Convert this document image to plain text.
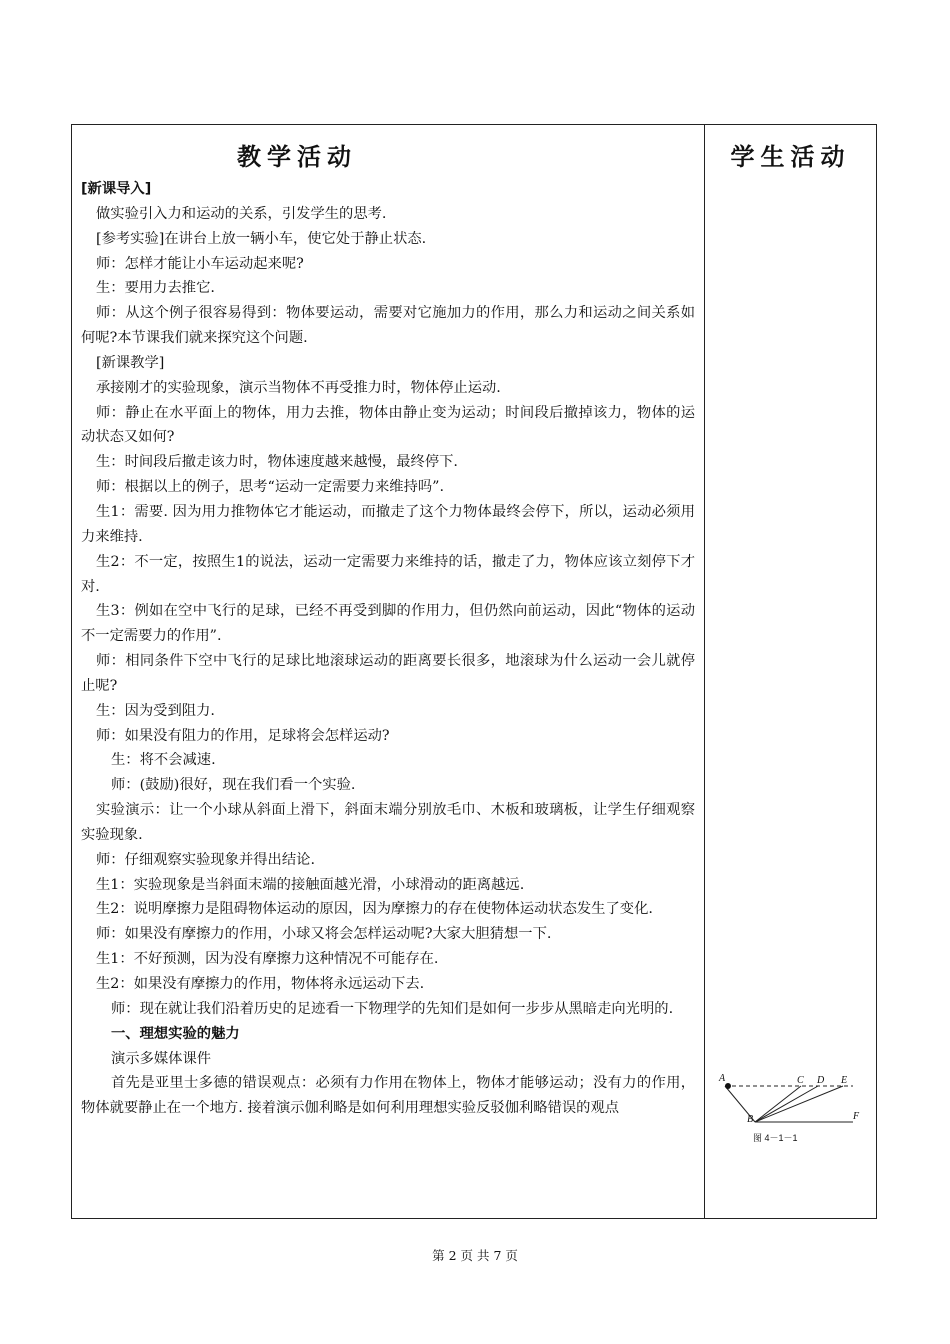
教学活动

[新课导入]

做实验引入力和运动的关系，引发学生的思考.

[参考实验]在讲台上放一辆小车，使它处于静止状态.

师：怎样才能让小车运动起来呢?

生：要用力去推它.

师：从这个例子很容易得到：物体要运动，需要对它施加力的作用，那么力和运动之间关系如何呢?本节课我们就来探究这个问题.

[新课教学]

承接刚才的实验现象，演示当物体不再受推力时，物体停止运动.

师：静止在水平面上的物体，用力去推，物体由静止变为运动；时间段后撤掉该力，物体的运动状态又如何?

生：时间段后撤走该力时，物体速度越来越慢，最终停下.

师：根据以上的例子，思考“运动一定需要力来维持吗”.

生1：需要. 因为用力推物体它才能运动，而撤走了这个力物体最终会停下，所以，运动必须用力来维持.

生2：不一定，按照生1的说法，运动一定需要力来维持的话，撤走了力，物体应该立刻停下才对.

生3：例如在空中飞行的足球，已经不再受到脚的作用力，但仍然向前运动，因此“物体的运动不一定需要力的作用”.

师：相同条件下空中飞行的足球比地滚球运动的距离要长很多，地滚球为什么运动一会儿就停止呢?

生：因为受到阻力.

师：如果没有阻力的作用，足球将会怎样运动?

生：将不会减速.

师：(鼓励)很好，现在我们看一个实验.

实验演示：让一个小球从斜面上滑下，斜面末端分别放毛巾、木板和玻璃板，让学生仔细观察实验现象.

师：仔细观察实验现象并得出结论.

生1：实验现象是当斜面末端的接触面越光滑，小球滑动的距离越远.

生2：说明摩擦力是阻碍物体运动的原因，因为摩擦力的存在使物体运动状态发生了变化.

师：如果没有摩擦力的作用，小球又将会怎样运动呢?大家大胆猜想一下.

生1：不好预测，因为没有摩擦力这种情况不可能存在.

生2：如果没有摩擦力的作用，物体将永远运动下去.

师：现在就让我们沿着历史的足迹看一下物理学的先知们是如何一步步从黑暗走向光明的.

一、理想实验的魅力

演示多媒体课件

首先是亚里士多德的错误观点：必须有力作用在物体上，物体才能够运动；没有力的作用，物体就要静止在一个地方. 接着演示伽利略是如何利用理想实验反驳伽利略错误的观点

学生活动
A
B
C D E
F
图 4－1－1
第 2 页 共 7 页
